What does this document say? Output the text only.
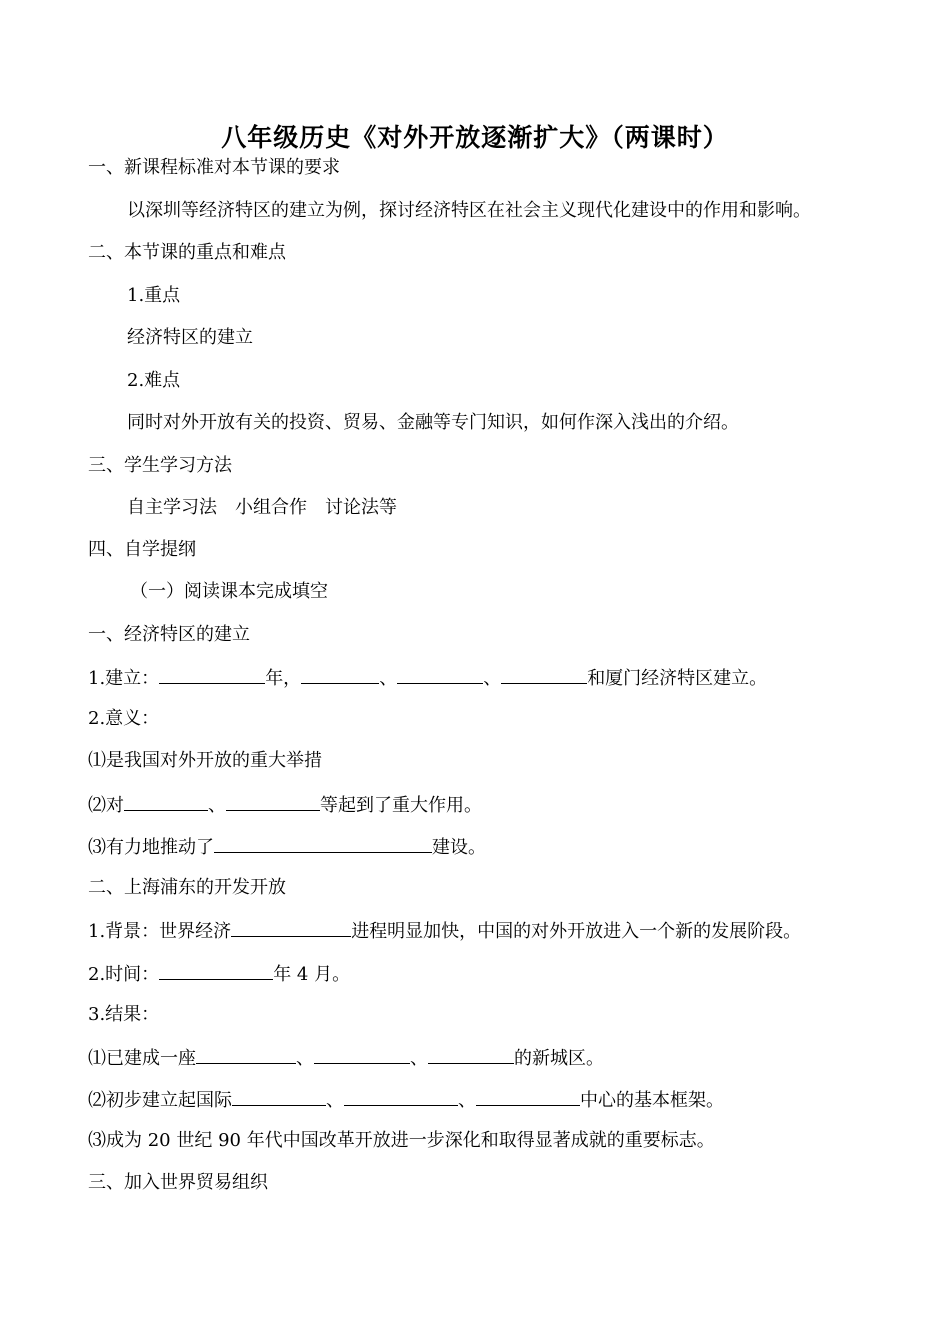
八年级历史《对外开放逐渐扩大》（两课时）
一、新课程标准对本节课的要求
以深圳等经济特区的建立为例，探讨经济特区在社会主义现代化建设中的作用和影响。
二、本节课的重点和难点
1.重点
经济特区的建立
2.难点
同时对外开放有关的投资、贸易、金融等专门知识，如何作深入浅出的介绍。
三、学生学习方法
自主学习法　小组合作　讨论法等
四、自学提纲
（一）阅读课本完成填空
一、经济特区的建立
1.建立：	年，	、	、	和厦门经济特区建立。
2.意义：
⑴是我国对外开放的重大举措
⑵对	、	等起到了重大作用。
⑶有力地推动了	建设。
二、上海浦东的开发开放
1.背景：世界经济	进程明显加快，中国的对外开放进入一个新的发展阶段。
2.时间：	年 4 月。
3.结果：
⑴已建成一座	、	、	的新城区。
⑵初步建立起国际	、	、	中心的基本框架。
⑶成为 20 世纪 90 年代中国改革开放进一步深化和取得显著成就的重要标志。
三、加入世界贸易组织
